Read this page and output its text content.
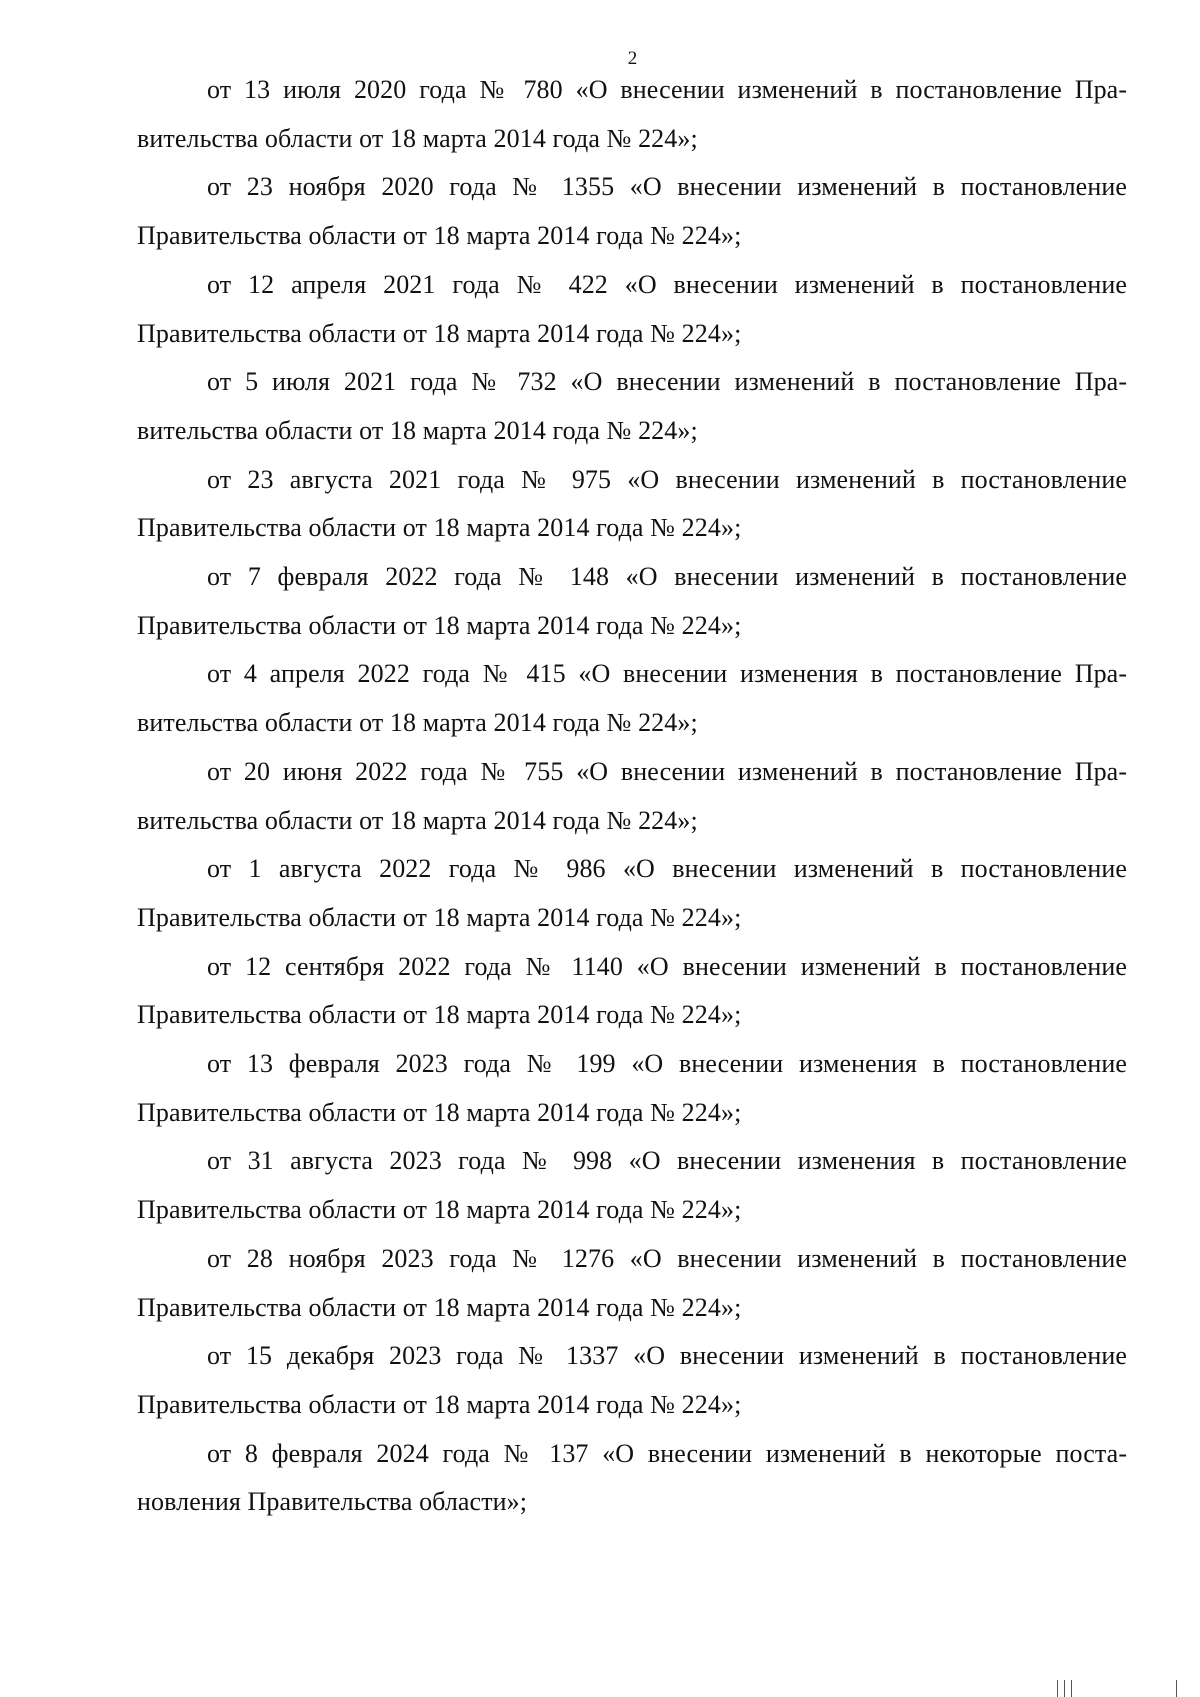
2

от 13 июля 2020 года № 780 «О внесении изменений в постановление Правительства области от 18 марта 2014 года № 224»;

от 23 ноября 2020 года № 1355 «О внесении изменений в постановление Правительства области от 18 марта 2014 года № 224»;

от 12 апреля 2021 года № 422 «О внесении изменений в постановление Правительства области от 18 марта 2014 года № 224»;

от 5 июля 2021 года № 732 «О внесении изменений в постановление Правительства области от 18 марта 2014 года № 224»;

от 23 августа 2021 года № 975 «О внесении изменений в постановление Правительства области от 18 марта 2014 года № 224»;

от 7 февраля 2022 года № 148 «О внесении изменений в постановление Правительства области от 18 марта 2014 года № 224»;

от 4 апреля 2022 года № 415 «О внесении изменения в постановление Правительства области от 18 марта 2014 года № 224»;

от 20 июня 2022 года № 755 «О внесении изменений в постановление Правительства области от 18 марта 2014 года № 224»;

от 1 августа 2022 года № 986 «О внесении изменений в постановление Правительства области от 18 марта 2014 года № 224»;

от 12 сентября 2022 года № 1140 «О внесении изменений в постановление Правительства области от 18 марта 2014 года № 224»;

от 13 февраля 2023 года № 199 «О внесении изменения в постановление Правительства области от 18 марта 2014 года № 224»;

от 31 августа 2023 года № 998 «О внесении изменения в постановление Правительства области от 18 марта 2014 года № 224»;

от 28 ноября 2023 года № 1276 «О внесении изменений в постановление Правительства области от 18 марта 2014 года № 224»;

от 15 декабря 2023 года № 1337 «О внесении изменений в постановление Правительства области от 18 марта 2014 года № 224»;

от 8 февраля 2024 года № 137 «О внесении изменений в некоторые постановления Правительства области»;
